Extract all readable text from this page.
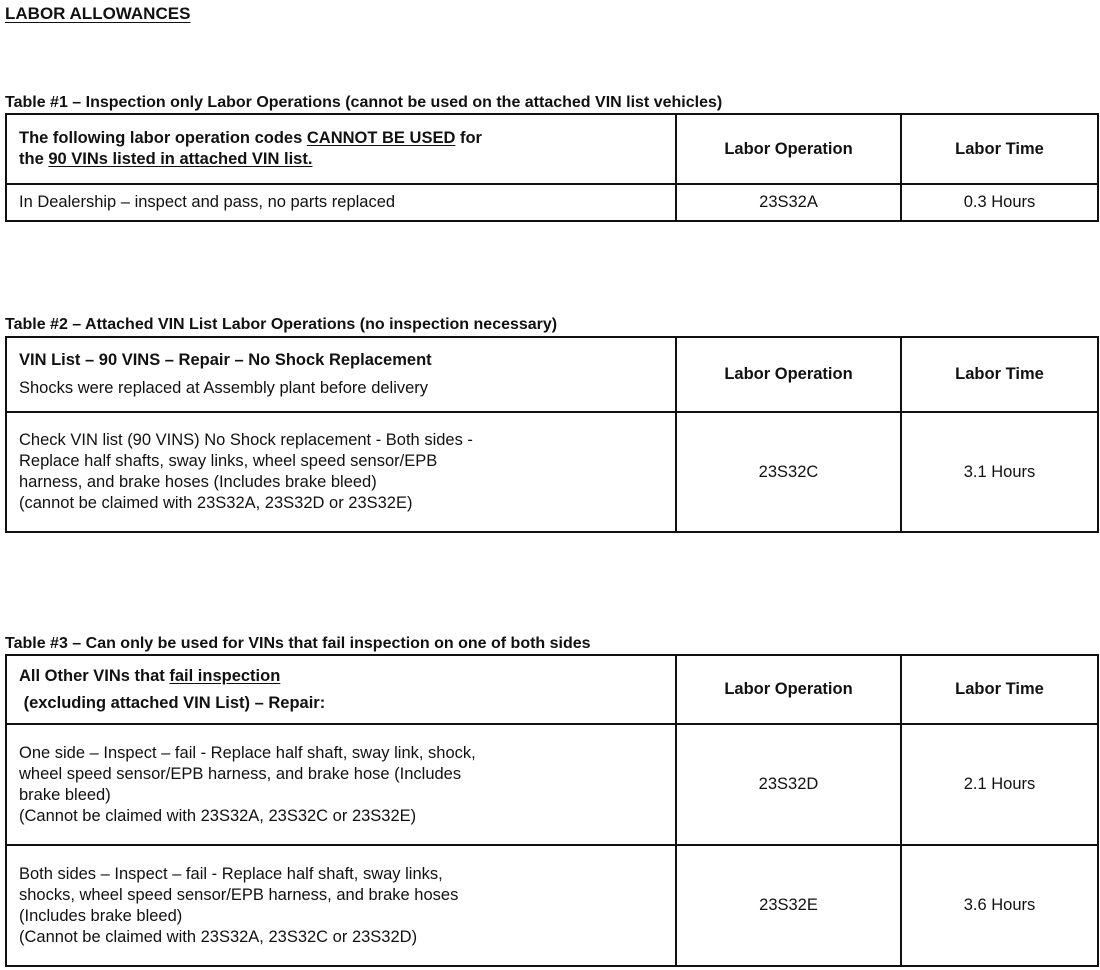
LABOR ALLOWANCES
Table #1 – Inspection only Labor Operations (cannot be used on the attached VIN list vehicles)
The following labor operation codes CANNOT BE USED for
the 90 VINs listed in attached VIN list.	Labor Operation	Labor Time
In Dealership – inspect and pass, no parts replaced	23S32A	0.3 Hours
Table #2 – Attached VIN List Labor Operations (no inspection necessary)
VIN List – 90 VINS – Repair – No Shock Replacement
Shocks were replaced at Assembly plant before delivery	Labor Operation	Labor Time
Check VIN list (90 VINS) No Shock replacement - Both sides -
Replace half shafts, sway links, wheel speed sensor/EPB
harness, and brake hoses (Includes brake bleed)
(cannot be claimed with 23S32A, 23S32D or 23S32E)	23S32C	3.1 Hours
Table #3 – Can only be used for VINs that fail inspection on one of both sides
All Other VINs that fail inspection
(excluding attached VIN List) – Repair:	Labor Operation	Labor Time
One side – Inspect – fail - Replace half shaft, sway link, shock,
wheel speed sensor/EPB harness, and brake hose (Includes
brake bleed)
(Cannot be claimed with 23S32A, 23S32C or 23S32E)	23S32D	2.1 Hours
Both sides – Inspect – fail - Replace half shaft, sway links,
shocks, wheel speed sensor/EPB harness, and brake hoses
(Includes brake bleed)
(Cannot be claimed with 23S32A, 23S32C or 23S32D)	23S32E	3.6 Hours
